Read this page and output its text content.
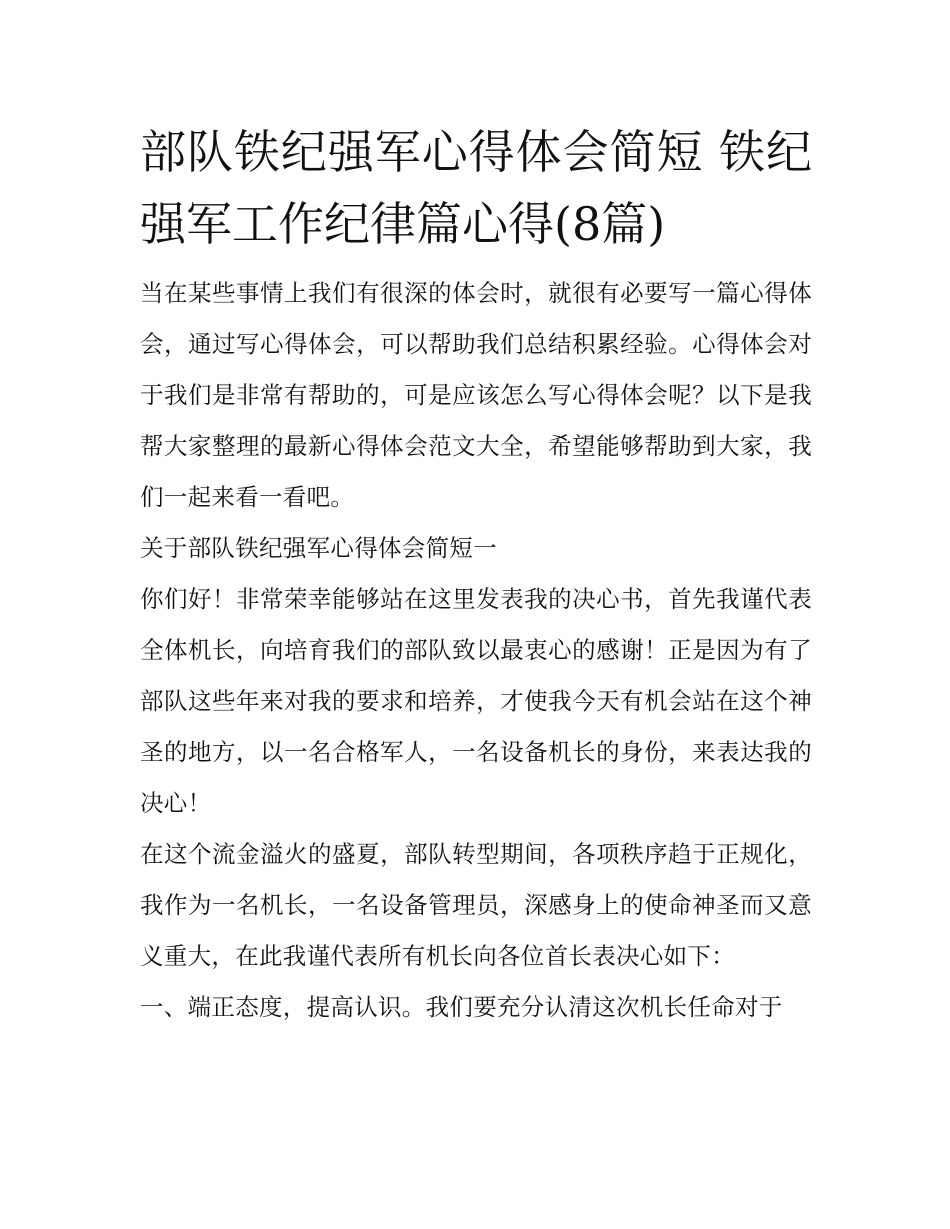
部队铁纪强军心得体会简短 铁纪强军工作纪律篇心得(8篇)

当在某些事情上我们有很深的体会时，就很有必要写一篇心得体会，通过写心得体会，可以帮助我们总结积累经验。心得体会对于我们是非常有帮助的，可是应该怎么写心得体会呢？以下是我帮大家整理的最新心得体会范文大全，希望能够帮助到大家，我们一起来看一看吧。

关于部队铁纪强军心得体会简短一

你们好！非常荣幸能够站在这里发表我的决心书，首先我谨代表全体机长，向培育我们的部队致以最衷心的感谢！正是因为有了部队这些年来对我的要求和培养，才使我今天有机会站在这个神圣的地方，以一名合格军人，一名设备机长的身份，来表达我的决心！

在这个流金溢火的盛夏，部队转型期间，各项秩序趋于正规化，我作为一名机长，一名设备管理员，深感身上的使命神圣而又意义重大，在此我谨代表所有机长向各位首长表决心如下：

一、端正态度，提高认识。我们要充分认清这次机长任命对于
